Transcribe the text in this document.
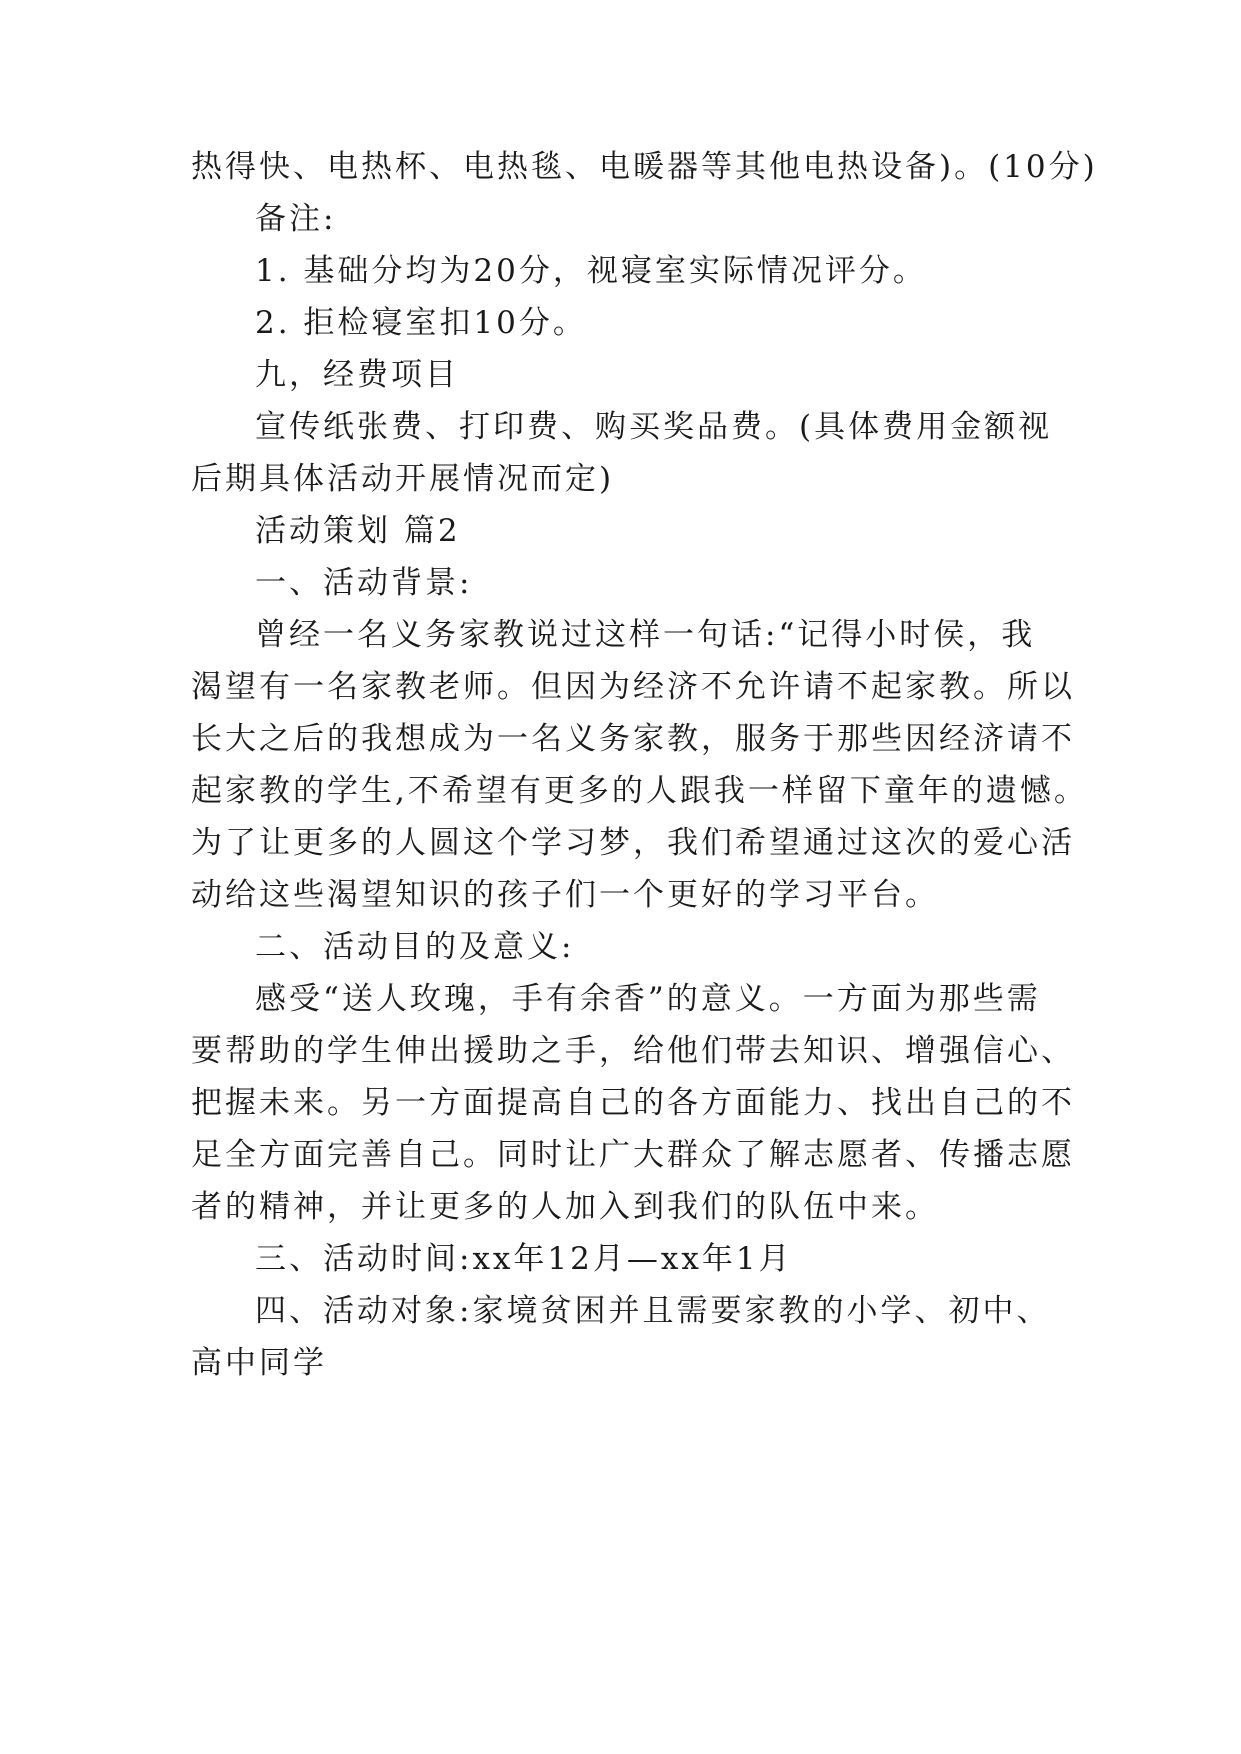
热得快、电热杯、电热毯、电暖器等其他电热设备)。(10分)
备注:
1. 基础分均为20分，视寝室实际情况评分。
2. 拒检寝室扣10分。
九，经费项目
宣传纸张费、打印费、购买奖品费。(具体费用金额视
后期具体活动开展情况而定)
活动策划 篇2
一、活动背景:
曾经一名义务家教说过这样一句话:“记得小时侯，我
渴望有一名家教老师。但因为经济不允许请不起家教。所以
长大之后的我想成为一名义务家教，服务于那些因经济请不
起家教的学生,不希望有更多的人跟我一样留下童年的遗憾。
为了让更多的人圆这个学习梦，我们希望通过这次的爱心活
动给这些渴望知识的孩子们一个更好的学习平台。
二、活动目的及意义:
感受“送人玫瑰，手有余香”的意义。一方面为那些需
要帮助的学生伸出援助之手，给他们带去知识、增强信心、
把握未来。另一方面提高自己的各方面能力、找出自己的不
足全方面完善自己。同时让广大群众了解志愿者、传播志愿
者的精神，并让更多的人加入到我们的队伍中来。
三、活动时间:xx年12月—xx年1月
四、活动对象:家境贫困并且需要家教的小学、初中、
高中同学
